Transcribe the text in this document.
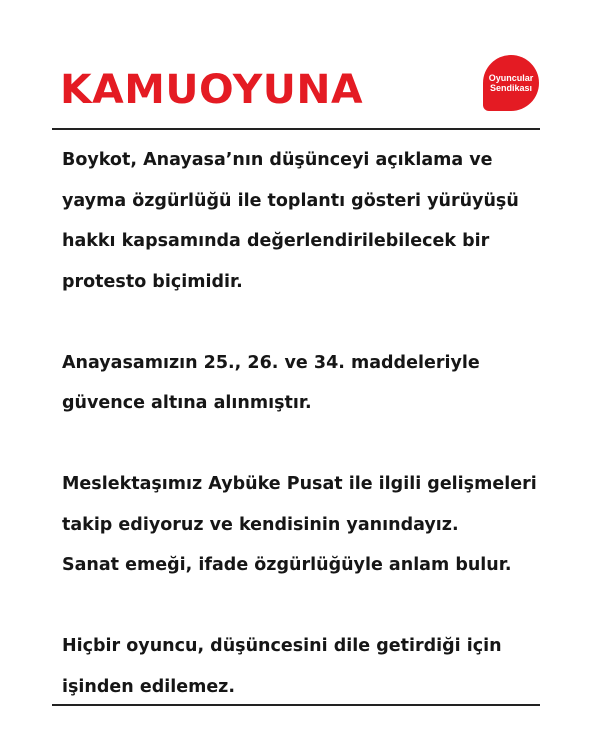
KAMUOYUNA	Oyuncular
Sendikası

Boykot, Anayasa’nın düşünceyi açıklama ve
yayma özgürlüğü ile toplantı gösteri yürüyüşü
hakkı kapsamında değerlendirilebilecek bir
protesto biçimidir.

Anayasamızın 25., 26. ve 34. maddeleriyle
güvence altına alınmıştır.

Meslektaşımız Aybüke Pusat ile ilgili gelişmeleri
takip ediyoruz ve kendisinin yanındayız.
Sanat emeği, ifade özgürlüğüyle anlam bulur.

Hiçbir oyuncu, düşüncesini dile getirdiği için
işinden edilemez.
